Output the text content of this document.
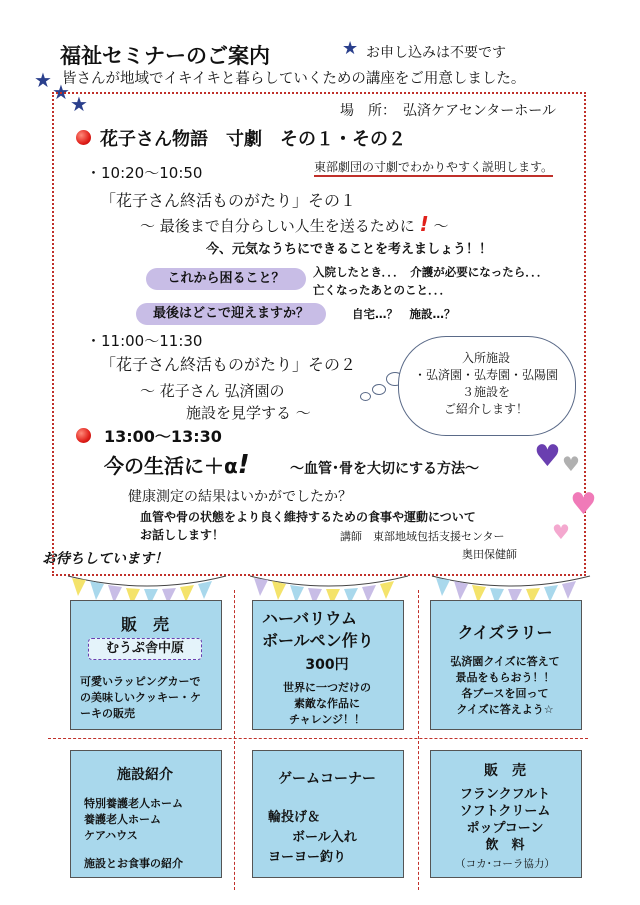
福祉セミナーのご案内	★ お申し込みは不要です
皆さんが地域でイキイキと暮らしていくための講座をご用意しました。
★ ★ ★	場　所：　弘済ケアセンターホール
花子さん物語　寸劇　その１・その２
東部劇団の寸劇でわかりやすく説明します。
・10:20～10:50
「花子さん終活ものがたり」その１
～ 最後まで自分らしい人生を送るために ! ～
今、元気なうちにできることを考えましょう！！
これから困ること？	入院したとき．．．　介護が必要になったら．．．
亡くなったあとのこと．．．
最後はどこで迎えますか？	自宅…？　施設…？
・11:00～11:30
「花子さん終活ものがたり」その２
～ 花子さん 弘済園の
施設を見学する ～
入所施設
・弘済園・弘寿園・弘陽園
３施設を
ご紹介します！
13:00～13:30
今の生活に＋α!	～血管･骨を大切にする方法～
健康測定の結果はいかがでしたか？
血管や骨の状態をより良く維持するための食事や運動について
お話しします！	講師　東部地域包括支援センター
奥田保健師
♥ ♥
♥
♥
お待ちしています！
販　売
むうぷ舎中原
可愛いラッピングカーで
の美味しいクッキー・ケ
ーキの販売
ハーバリウム
ボールペン作り
300円
世界に一つだけの
素敵な作品に
チャレンジ！！
クイズラリー
弘済園クイズに答えて
景品をもらおう！！
各ブースを回って
クイズに答えよう☆
施設紹介
特別養護老人ホーム
養護老人ホーム
ケアハウス
施設とお食事の紹介
ゲームコーナー
輪投げ＆
ボール入れ
ヨーヨー釣り
販　売
フランクフルト
ソフトクリーム
ポップコーン
飲　料
（コカ･コーラ協力）
